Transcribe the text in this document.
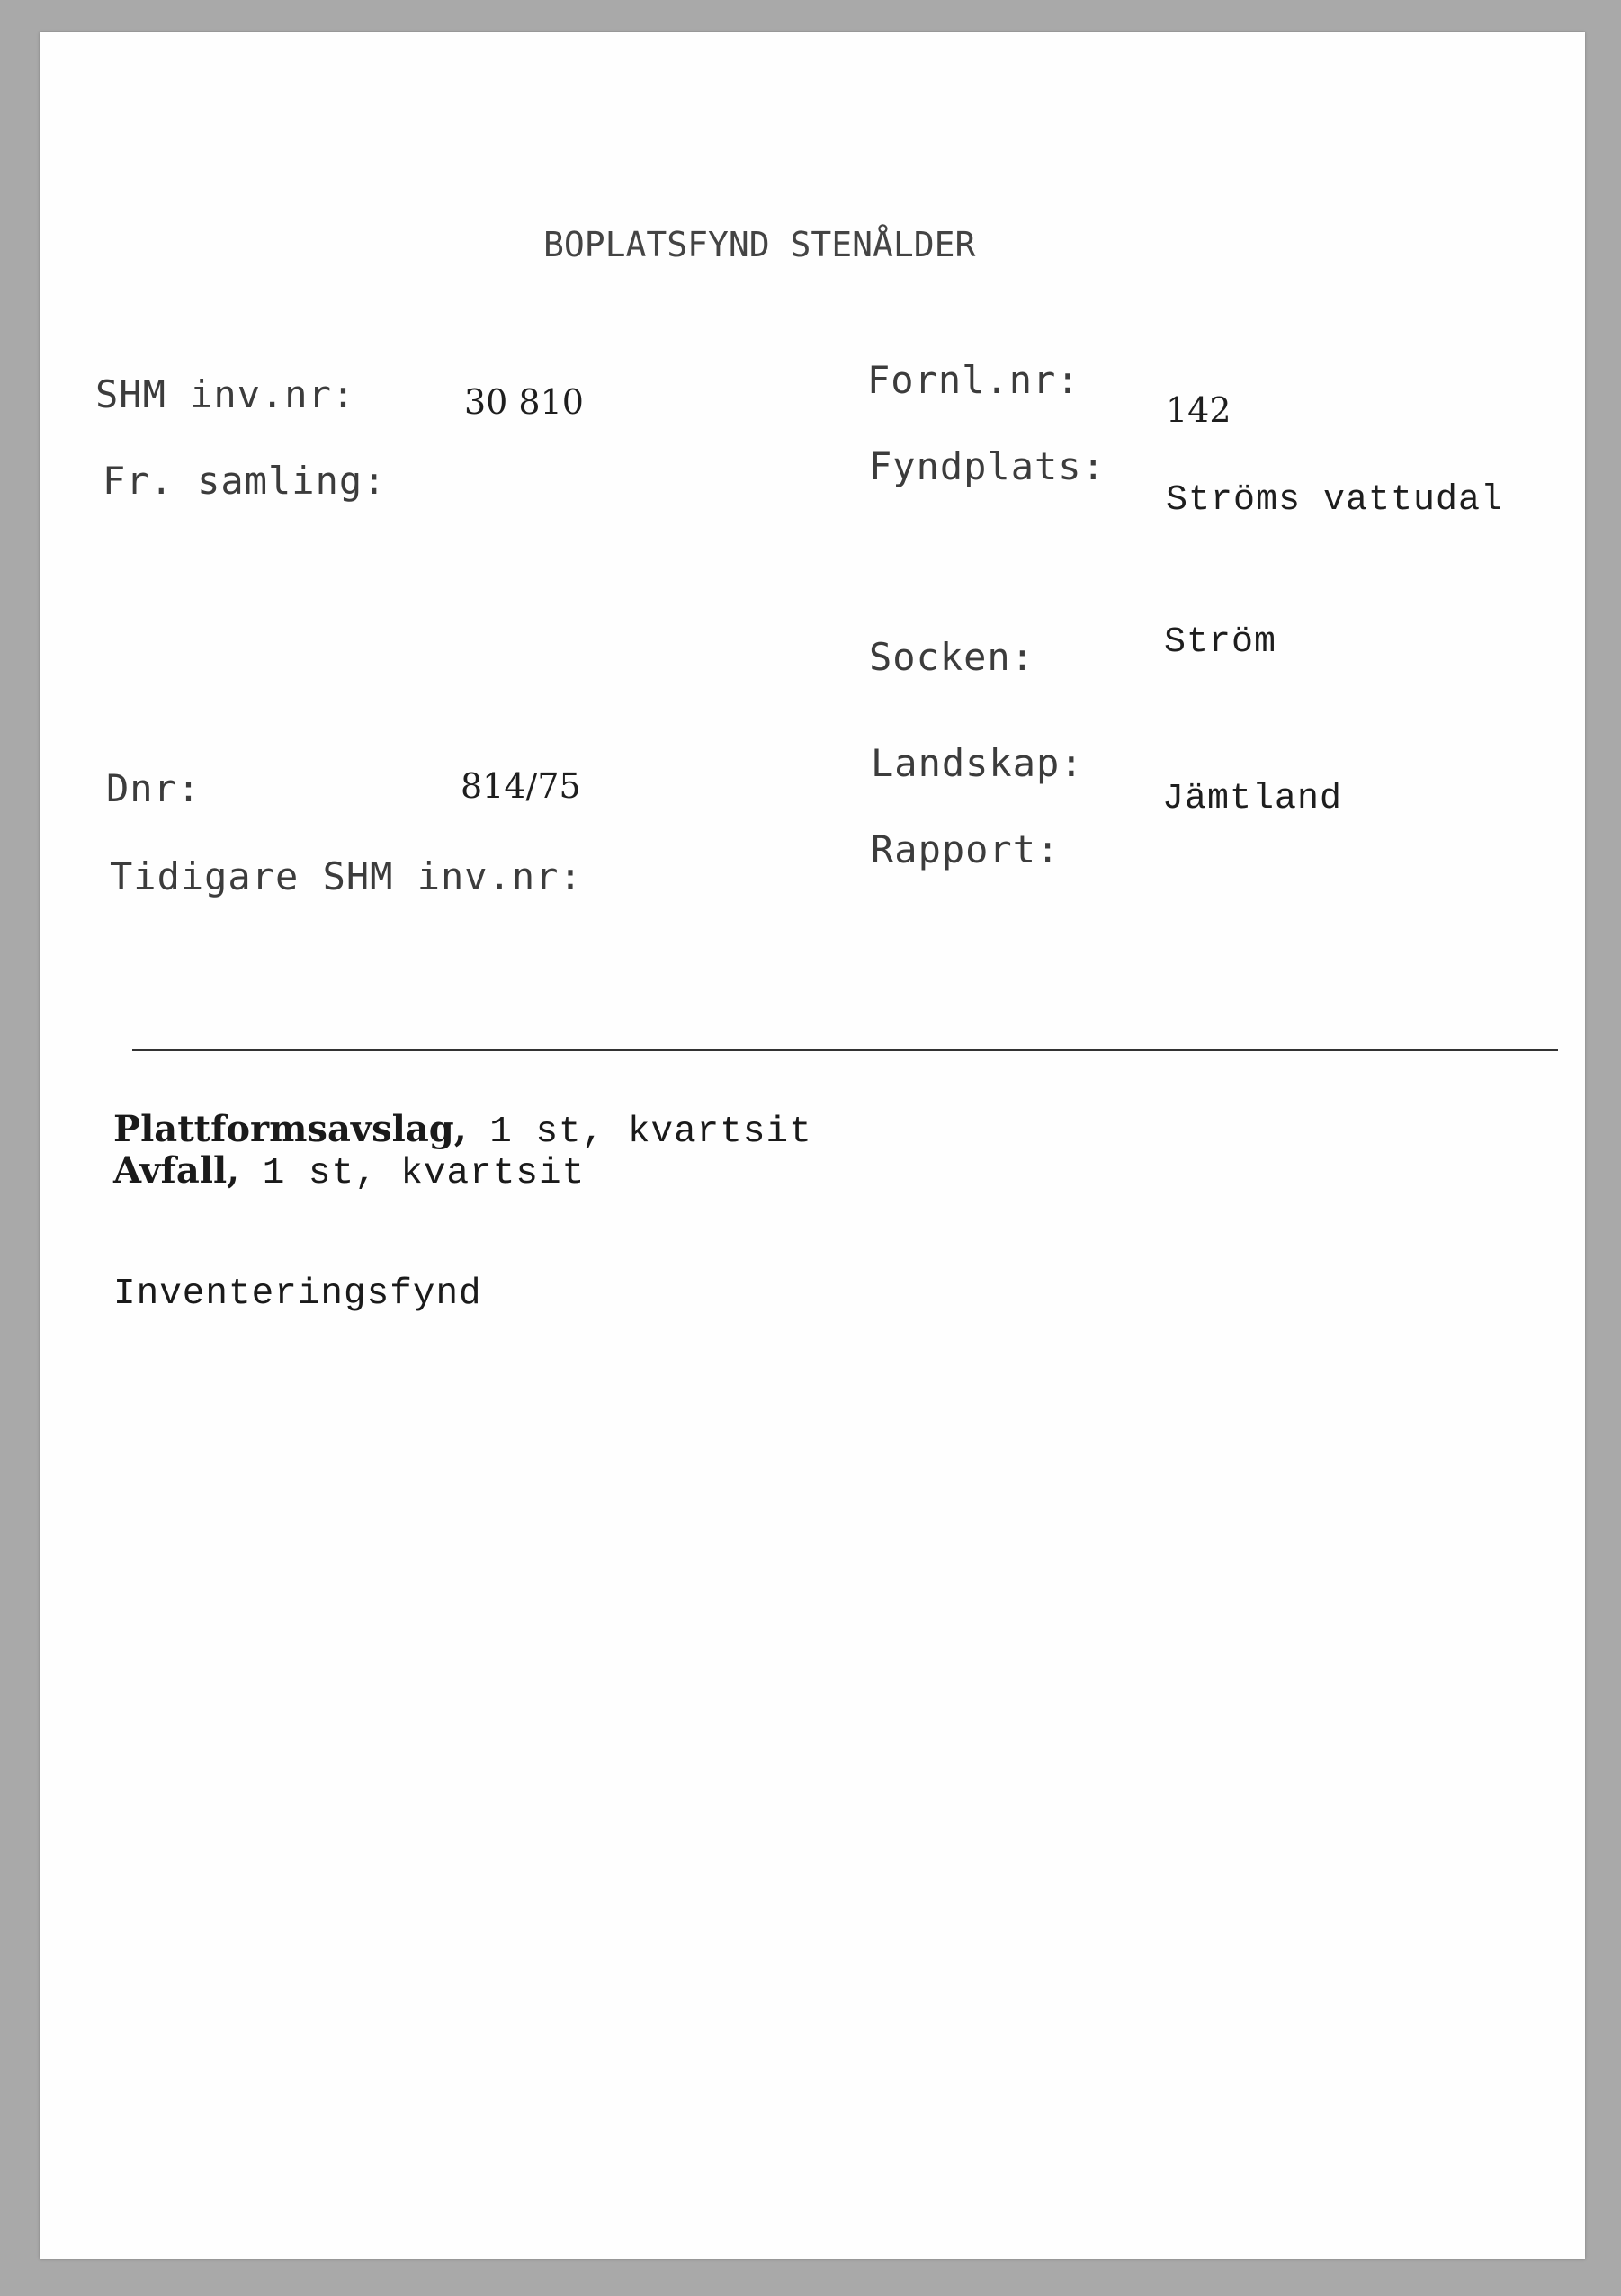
BOPLATSFYND STENÅLDER
SHM inv.nr:
Fr. samling:
Dnr:
Tidigare SHM inv.nr:
30 810
814/75
Fornl.nr:
Fyndplats:
Socken:
Landskap:
Rapport:
142
Ströms vattudal
Ström
Jämtland
Plattformsavslag, 1 st, kvartsit
Avfall, 1 st, kvartsit
Inventeringsfynd
